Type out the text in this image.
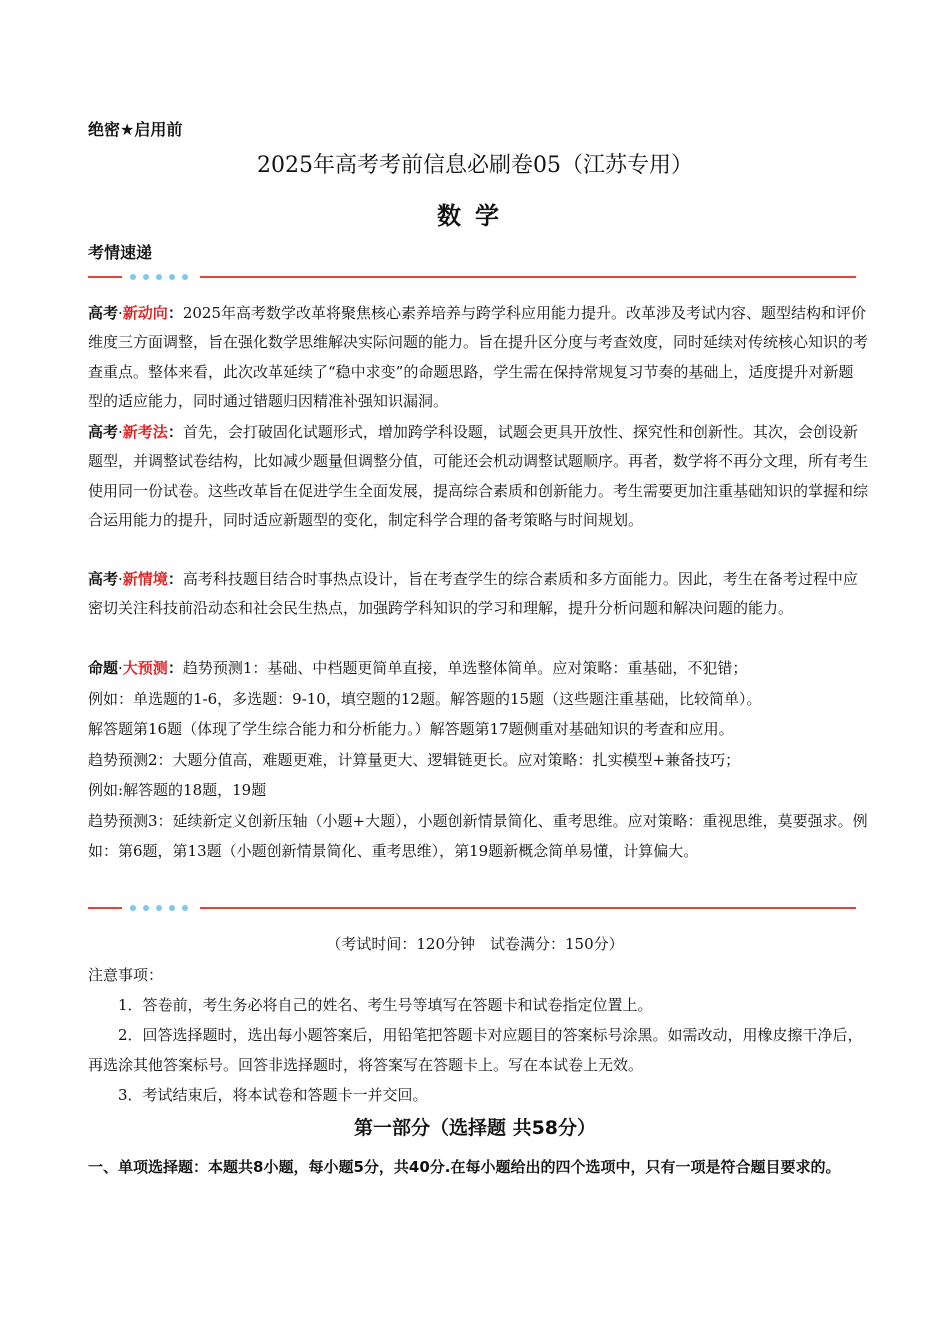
绝密★启用前
2025年高考考前信息必刷卷05（江苏专用）
数学
考情速递
高考·新动向：2025年高考数学改革将聚焦核心素养培养与跨学科应用能力提升。改革涉及考试内容、题型结构和评价维度三方面调整，旨在强化数学思维解决实际问题的能力。旨在提升区分度与考查效度，同时延续对传统核心知识的考查重点。整体来看，此次改革延续了“稳中求变”的命题思路，学生需在保持常规复习节奏的基础上，适度提升对新题型的适应能力，同时通过错题归因精准补强知识漏洞。
高考·新考法：首先，会打破固化试题形式，增加跨学科设题，试题会更具开放性、探究性和创新性。其次，会创设新题型，并调整试卷结构，比如减少题量但调整分值，可能还会机动调整试题顺序。再者，数学将不再分文理，所有考生使用同一份试卷。这些改革旨在促进学生全面发展，提高综合素质和创新能力。考生需要更加注重基础知识的掌握和综合运用能力的提升，同时适应新题型的变化，制定科学合理的备考策略与时间规划。
高考·新情境：高考科技题目结合时事热点设计，旨在考查学生的综合素质和多方面能力。因此，考生在备考过程中应密切关注科技前沿动态和社会民生热点，加强跨学科知识的学习和理解，提升分析问题和解决问题的能力。

命题·大预测：趋势预测1：基础、中档题更简单直接，单选整体简单。应对策略：重基础，不犯错；

例如：单选题的1-6，多选题：9-10，填空题的12题。解答题的15题（这些题注重基础，比较简单）。

解答题第16题（体现了学生综合能力和分析能力。）解答题第17题侧重对基础知识的考查和应用。

趋势预测2：大题分值高，难题更难，计算量更大、逻辑链更长。应对策略：扎实模型+兼备技巧；

例如:解答题的18题，19题

趋势预测3：延续新定义创新压轴（小题+大题），小题创新情景简化、重考思维。应对策略：重视思维，莫要强求。例如：第6题，第13题（小题创新情景简化、重考思维），第19题新概念简单易懂，计算偏大。

（考试时间：120分钟　试卷满分：150分）
注意事项：

1．答卷前，考生务必将自己的姓名、考生号等填写在答题卡和试卷指定位置上。

2．回答选择题时，选出每小题答案后，用铅笔把答题卡对应题目的答案标号涂黑。如需改动，用橡皮擦干净后，再选涂其他答案标号。回答非选择题时，将答案写在答题卡上。写在本试卷上无效。

3．考试结束后，将本试卷和答题卡一并交回。

第一部分（选择题 共58分）
一、单项选择题：本题共8小题，每小题5分，共40分.在每小题给出的四个选项中，只有一项是符合题目要求的。
